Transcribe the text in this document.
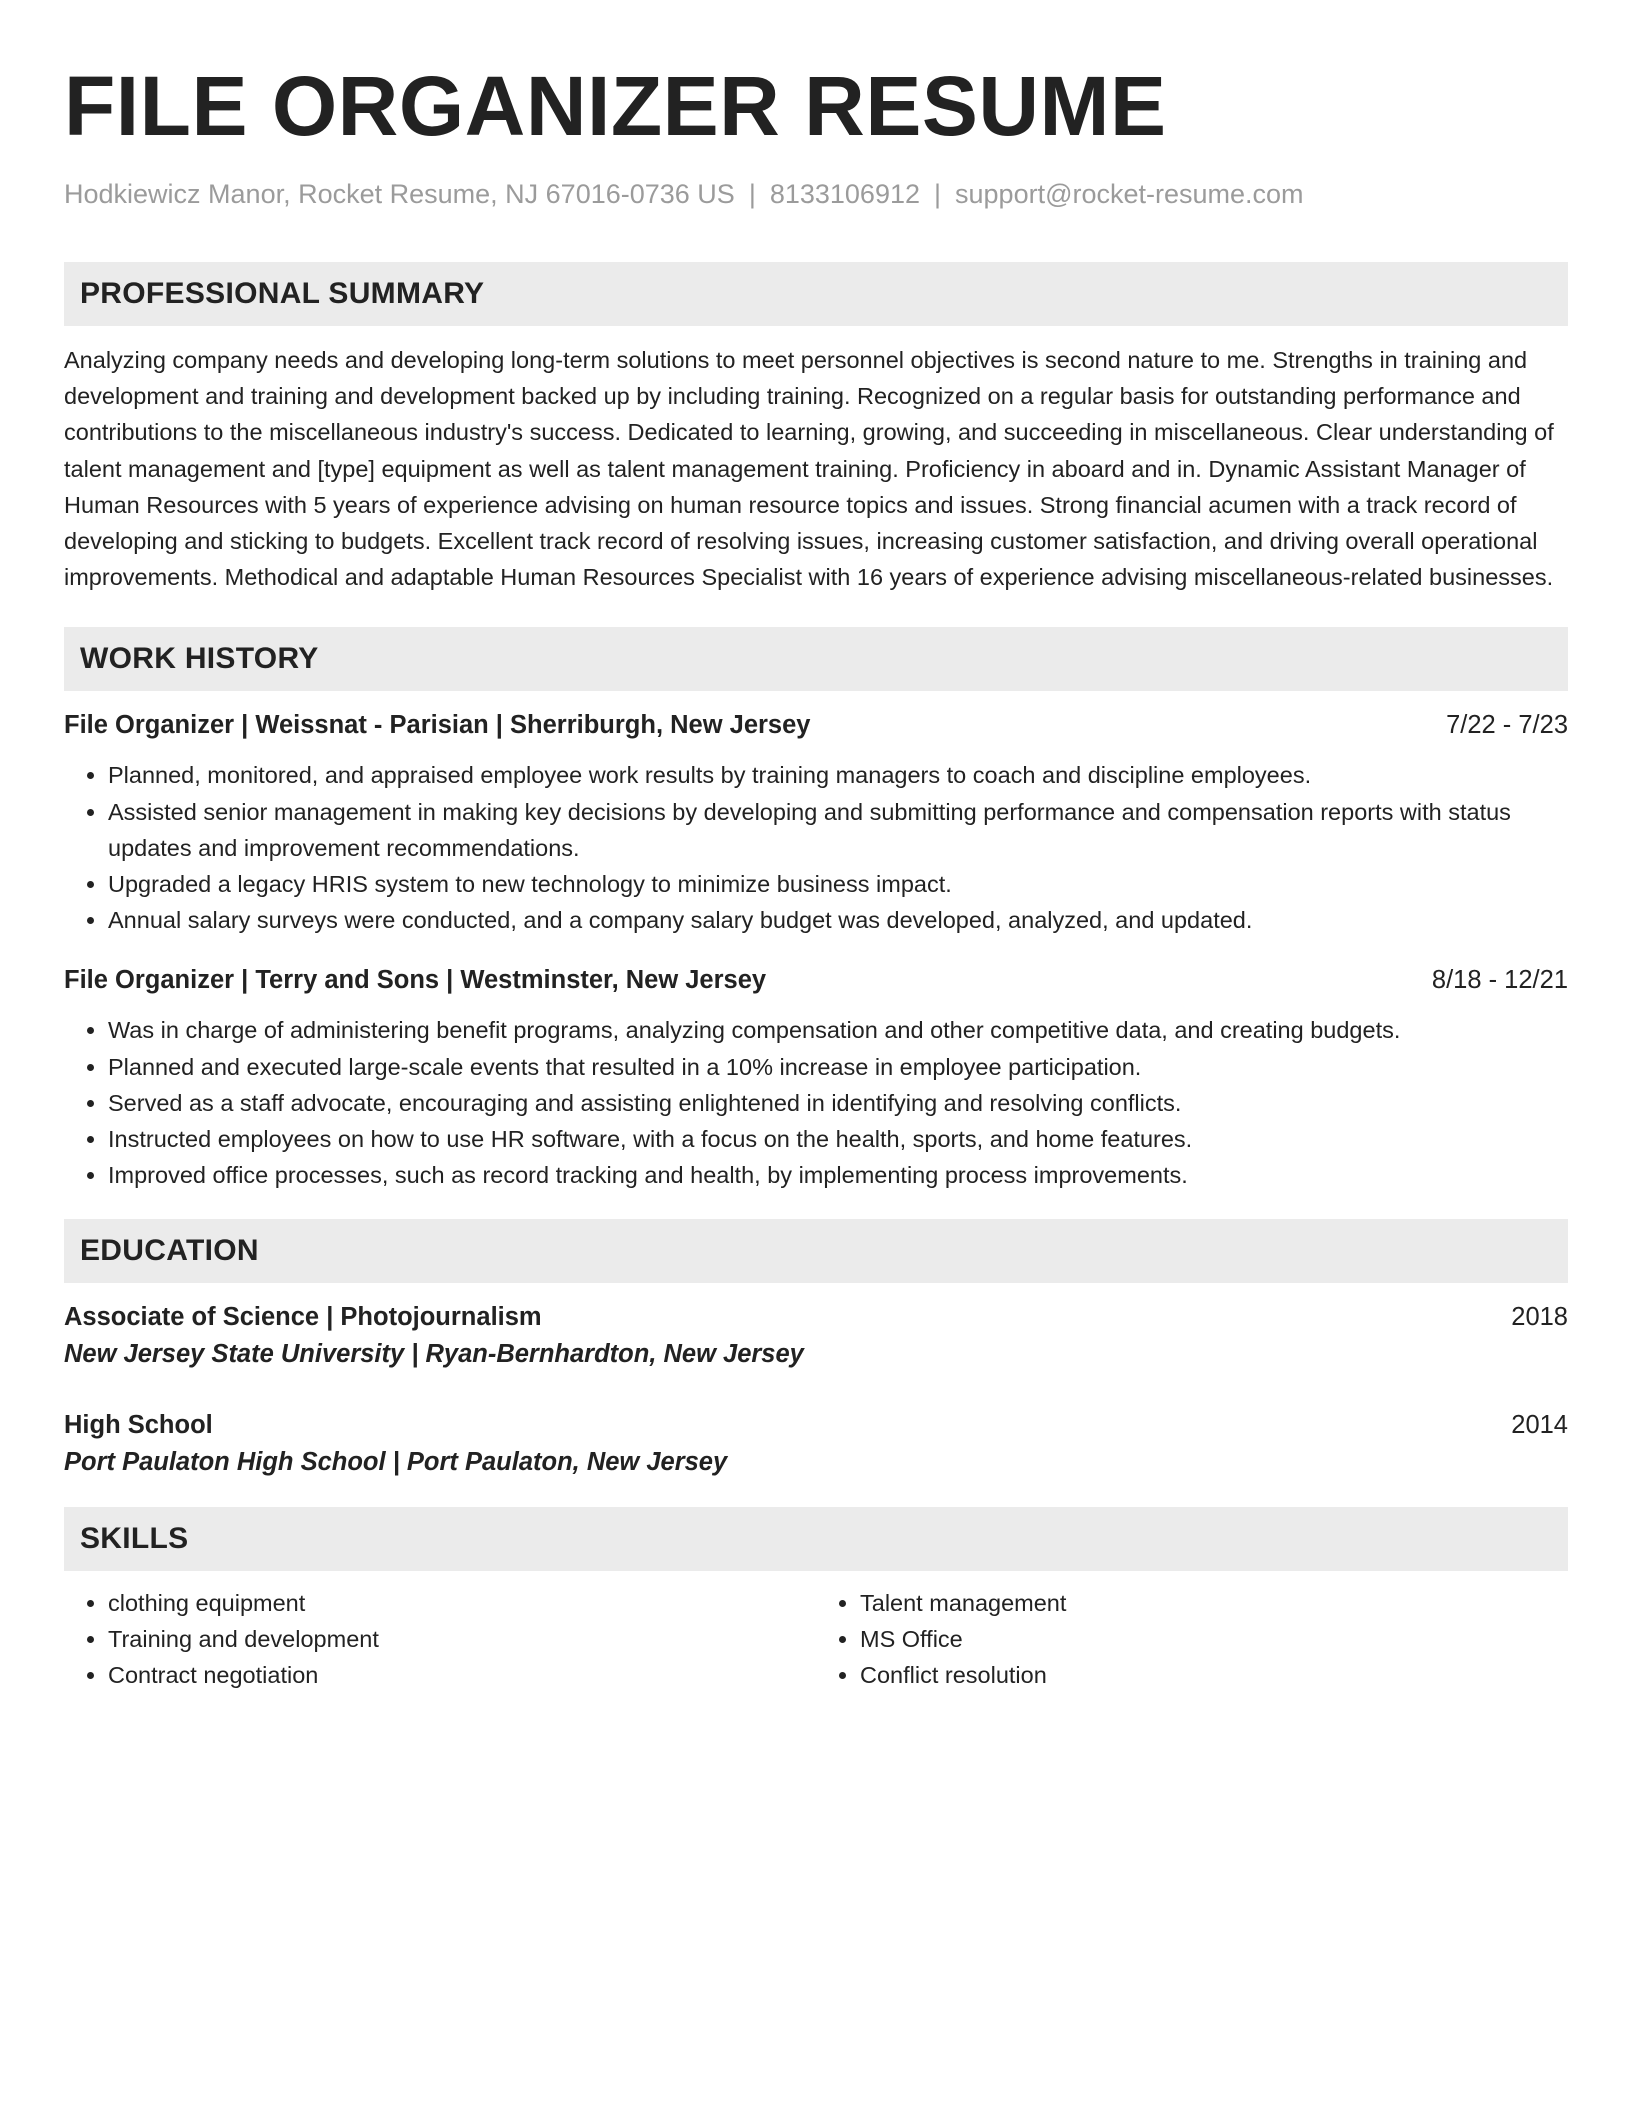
FILE ORGANIZER RESUME
Hodkiewicz Manor, Rocket Resume, NJ 67016-0736 US | 8133106912 | support@rocket-resume.com
PROFESSIONAL SUMMARY
Analyzing company needs and developing long-term solutions to meet personnel objectives is second nature to me. Strengths in training and development and training and development backed up by including training. Recognized on a regular basis for outstanding performance and contributions to the miscellaneous industry's success. Dedicated to learning, growing, and succeeding in miscellaneous. Clear understanding of talent management and [type] equipment as well as talent management training. Proficiency in aboard and in. Dynamic Assistant Manager of Human Resources with 5 years of experience advising on human resource topics and issues. Strong financial acumen with a track record of developing and sticking to budgets. Excellent track record of resolving issues, increasing customer satisfaction, and driving overall operational improvements. Methodical and adaptable Human Resources Specialist with 16 years of experience advising miscellaneous-related businesses.
WORK HISTORY
File Organizer | Weissnat - Parisian | Sherriburgh, New Jersey	7/22 - 7/23
• Planned, monitored, and appraised employee work results by training managers to coach and discipline employees.
• Assisted senior management in making key decisions by developing and submitting performance and compensation reports with status updates and improvement recommendations.
• Upgraded a legacy HRIS system to new technology to minimize business impact.
• Annual salary surveys were conducted, and a company salary budget was developed, analyzed, and updated.
File Organizer | Terry and Sons | Westminster, New Jersey	8/18 - 12/21
• Was in charge of administering benefit programs, analyzing compensation and other competitive data, and creating budgets.
• Planned and executed large-scale events that resulted in a 10% increase in employee participation.
• Served as a staff advocate, encouraging and assisting enlightened in identifying and resolving conflicts.
• Instructed employees on how to use HR software, with a focus on the health, sports, and home features.
• Improved office processes, such as record tracking and health, by implementing process improvements.
EDUCATION
Associate of Science | Photojournalism	2018
New Jersey State University | Ryan-Bernhardton, New Jersey
High School	2014
Port Paulaton High School | Port Paulaton, New Jersey
SKILLS
• clothing equipment
• Training and development
• Contract negotiation
• Talent management
• MS Office
• Conflict resolution
